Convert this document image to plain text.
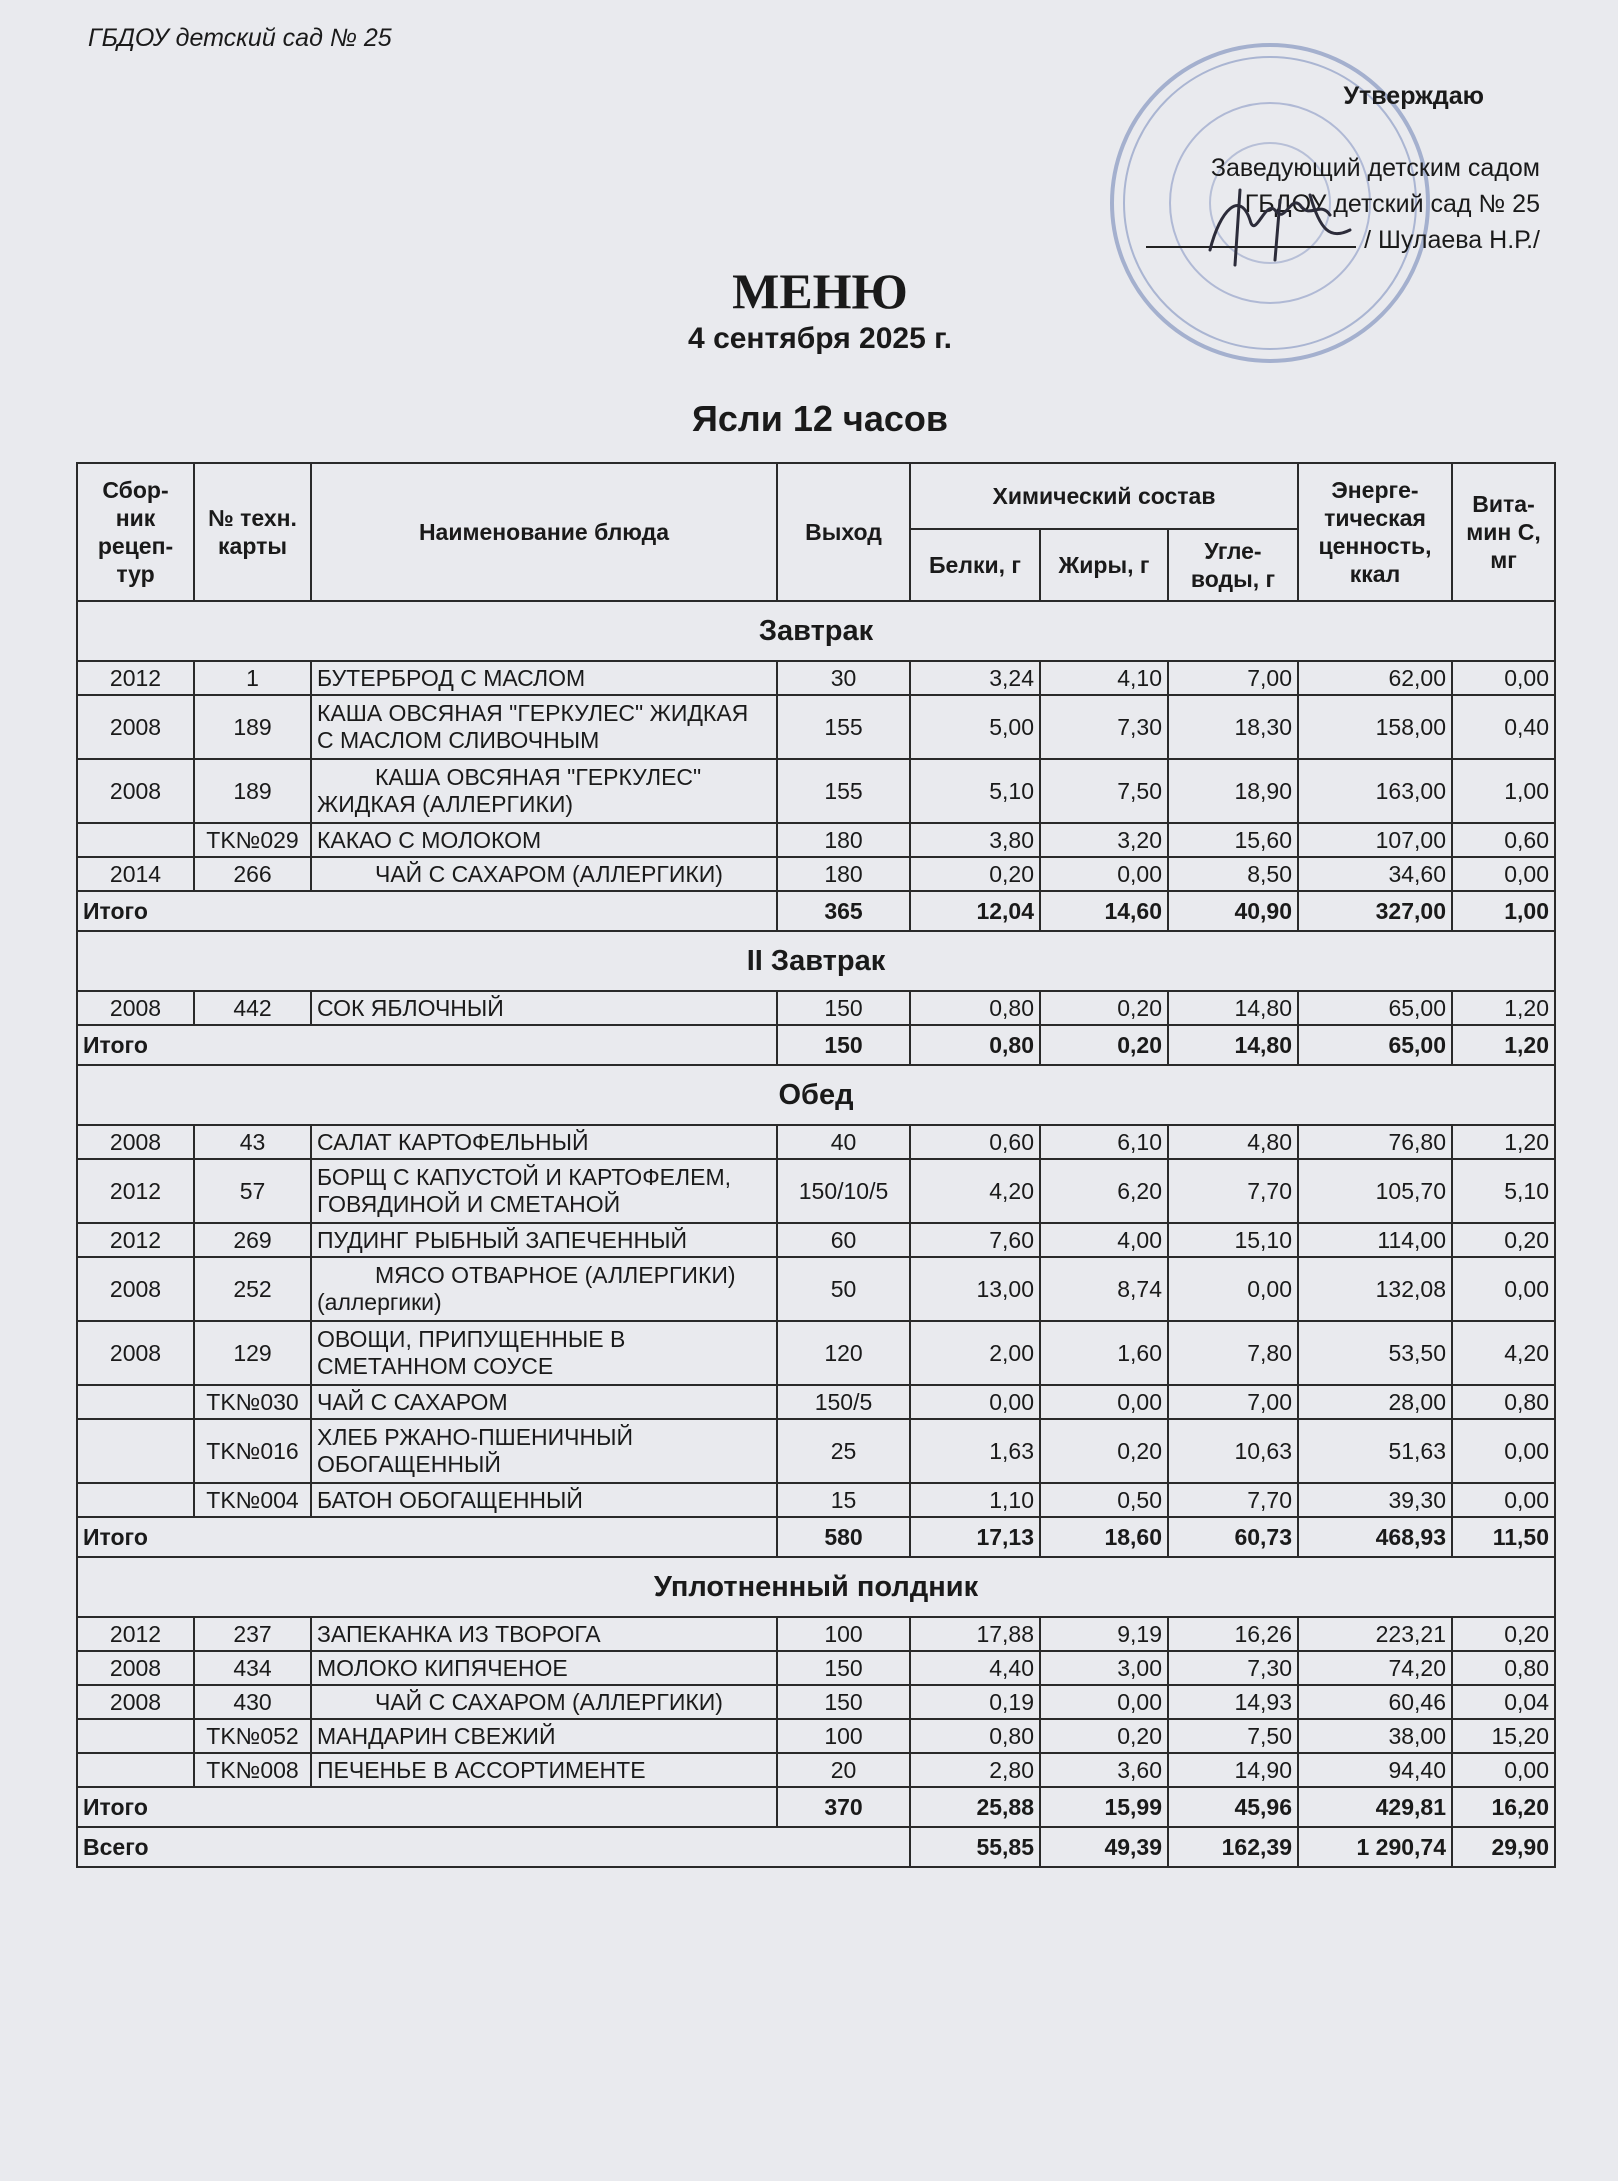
ГБДОУ детский сад № 25
Утверждаю
Заведующий детским садом
ГБДОУ детский сад № 25
/ Шулаева Н.Р./
МЕНЮ
4 сентября 2025 г.
Ясли 12 часов
Сбор-ник рецеп-тур	№ техн. карты	Наименование блюда	Выход	Химический состав			Энерге-тическая ценность, ккал	Вита-мин С, мг
				Белки, г	Жиры, г	Угле-воды, г		
Завтрак								
2012	1	БУТЕРБРОД С МАСЛОМ	30	3,24	4,10	7,00	62,00	0,00
2008	189	КАША ОВСЯНАЯ "ГЕРКУЛЕС" ЖИДКАЯ С МАСЛОМ СЛИВОЧНЫМ	155	5,00	7,30	18,30	158,00	0,40
2008	189	КАША ОВСЯНАЯ "ГЕРКУЛЕС" ЖИДКАЯ (АЛЛЕРГИКИ)	155	5,10	7,50	18,90	163,00	1,00
	TK№029	КАКАО С МОЛОКОМ	180	3,80	3,20	15,60	107,00	0,60
2014	266	ЧАЙ С САХАРОМ (АЛЛЕРГИКИ)	180	0,20	0,00	8,50	34,60	0,00
Итого			365	12,04	14,60	40,90	327,00	1,00
II Завтрак								
2008	442	СОК ЯБЛОЧНЫЙ	150	0,80	0,20	14,80	65,00	1,20
Итого			150	0,80	0,20	14,80	65,00	1,20
Обед								
2008	43	САЛАТ КАРТОФЕЛЬНЫЙ	40	0,60	6,10	4,80	76,80	1,20
2012	57	БОРЩ С КАПУСТОЙ И КАРТОФЕЛЕМ, ГОВЯДИНОЙ И СМЕТАНОЙ	150/10/5	4,20	6,20	7,70	105,70	5,10
2012	269	ПУДИНГ РЫБНЫЙ ЗАПЕЧЕННЫЙ	60	7,60	4,00	15,10	114,00	0,20
2008	252	МЯСО ОТВАРНОЕ (АЛЛЕРГИКИ) (аллергики)	50	13,00	8,74	0,00	132,08	0,00
2008	129	ОВОЩИ, ПРИПУЩЕННЫЕ В СМЕТАННОМ СОУСЕ	120	2,00	1,60	7,80	53,50	4,20
	TK№030	ЧАЙ С САХАРОМ	150/5	0,00	0,00	7,00	28,00	0,80
	TK№016	ХЛЕБ РЖАНО-ПШЕНИЧНЫЙ ОБОГАЩЕННЫЙ	25	1,63	0,20	10,63	51,63	0,00
	TK№004	БАТОН ОБОГАЩЕННЫЙ	15	1,10	0,50	7,70	39,30	0,00
Итого			580	17,13	18,60	60,73	468,93	11,50
Уплотненный полдник								
2012	237	ЗАПЕКАНКА ИЗ ТВОРОГА	100	17,88	9,19	16,26	223,21	0,20
2008	434	МОЛОКО КИПЯЧЕНОЕ	150	4,40	3,00	7,30	74,20	0,80
2008	430	ЧАЙ С САХАРОМ (АЛЛЕРГИКИ)	150	0,19	0,00	14,93	60,46	0,04
	TK№052	МАНДАРИН СВЕЖИЙ	100	0,80	0,20	7,50	38,00	15,20
	TK№008	ПЕЧЕНЬЕ В АССОРТИМЕНТЕ	20	2,80	3,60	14,90	94,40	0,00
Итого			370	25,88	15,99	45,96	429,81	16,20
Всего				55,85	49,39	162,39	1 290,74	29,90
